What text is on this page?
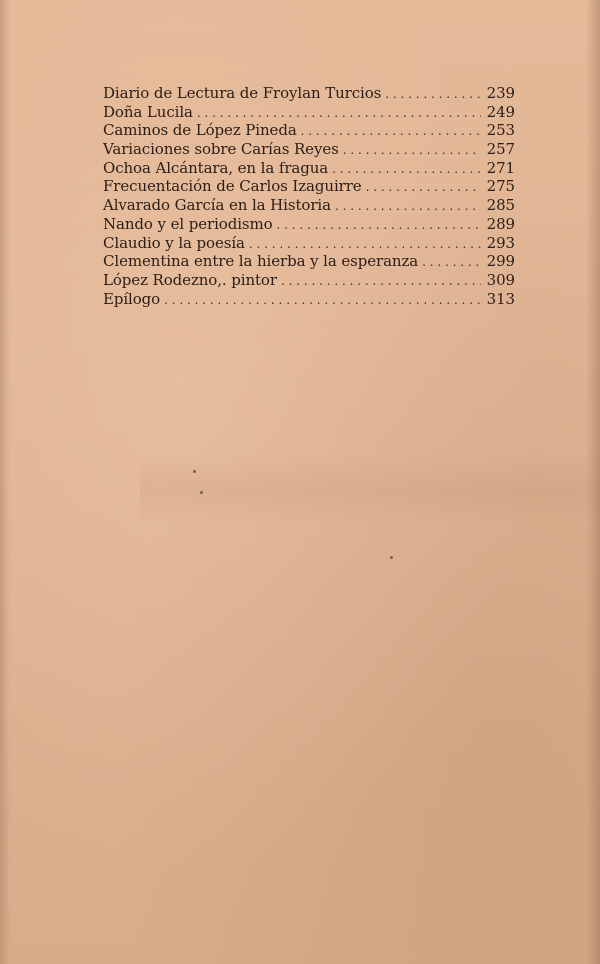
Diario de Lectura de Froylan Turcios . . .	239
Doña Lucila . . .	249
Caminos de López Pineda . . .	253
Variaciones sobre Carías Reyes . . .	257
Ochoa Alcántara, en la fragua . . .	271
Frecuentación de Carlos Izaguirre . . .	275
Alvarado García en la Historia . . .	285
Nando y el periodismo . . .	289
Claudio y la poesía . . .	293
Clementina entre la hierba y la esperanza . . .	299
López Rodezno,. pintor . . .	309
Epílogo . . .	313
